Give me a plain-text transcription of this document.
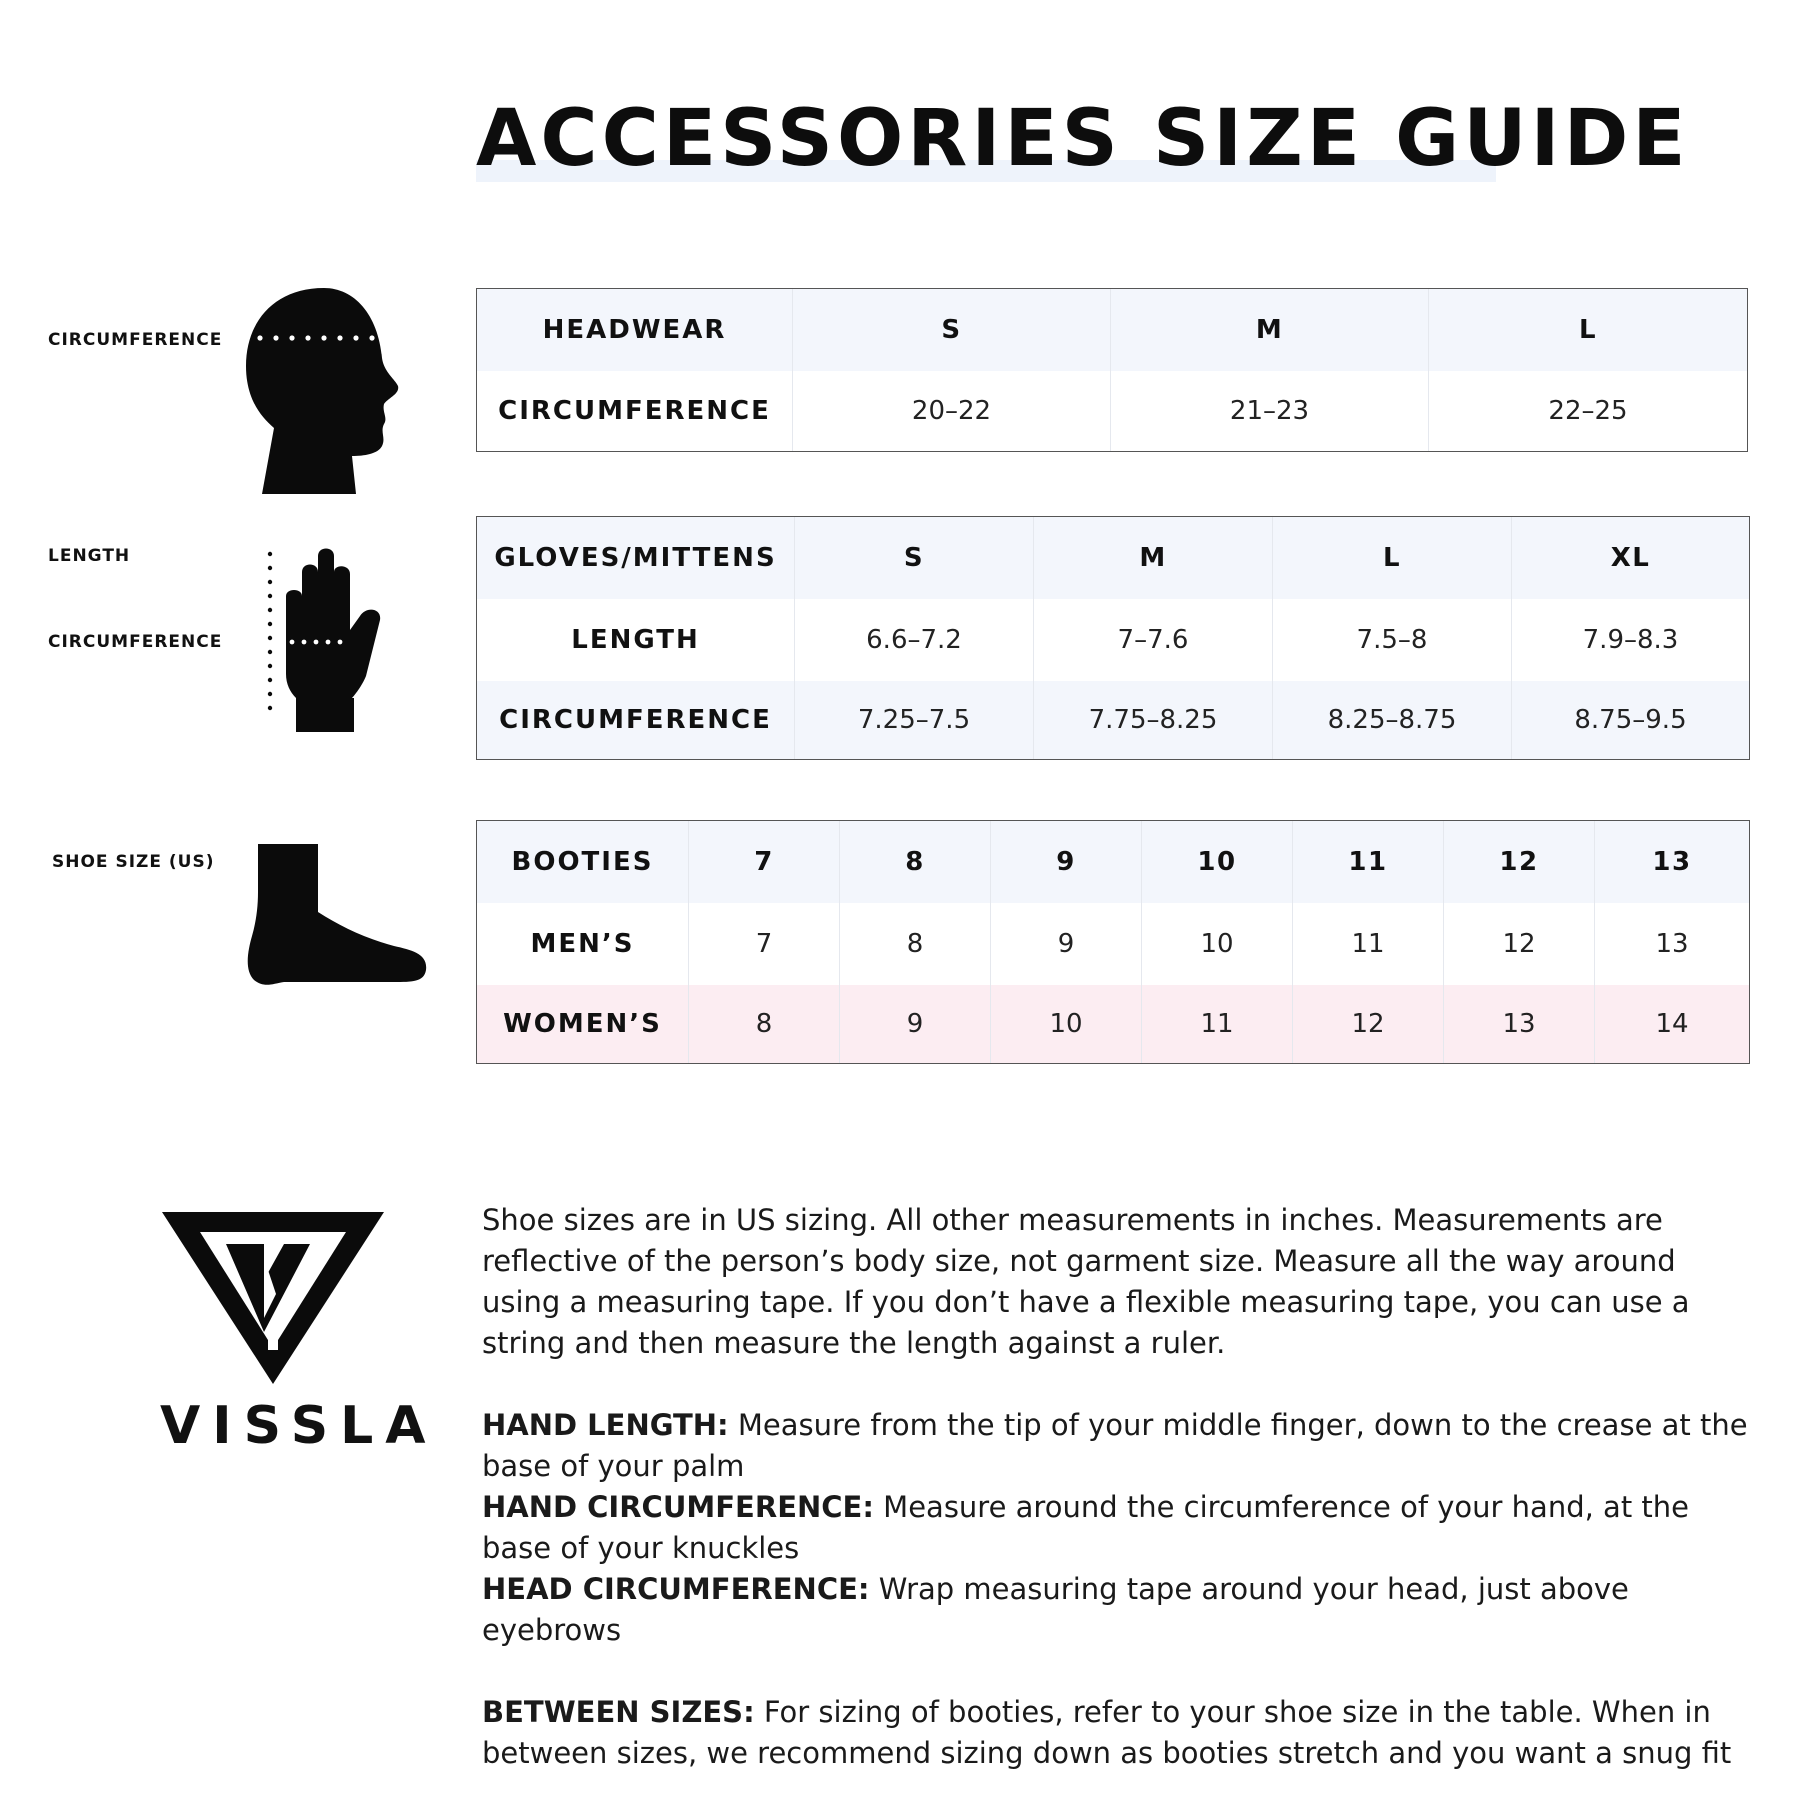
ACCESSORIES SIZE GUIDE
CIRCUMFERENCE	HEADWEAR	S	M	L
CIRCUMFERENCE	20–22	21–23	22–25
LENGTH
CIRCUMFERENCE
GLOVES/MITTENS	S	M	L	XL
LENGTH	6.6–7.2	7–7.6	7.5–8	7.9–8.3
CIRCUMFERENCE	7.25–7.5	7.75–8.25	8.25–8.75	8.75–9.5
SHOE SIZE (US)	BOOTIES	7	8	9	10	11	12	13
MEN’S	7	8	9	10	11	12	13
WOMEN’S	8	9	10	11	12	13	14
VISSLA

Shoe sizes are in US sizing. All other measurements in inches. Measurements are reflective of the person’s body size, not garment size. Measure all the way around using a measuring tape. If you don’t have a flexible measuring tape, you can use a string and then measure the length against a ruler.

HAND LENGTH: Measure from the tip of your middle finger, down to the crease at the base of your palm

HAND CIRCUMFERENCE: Measure around the circumference of your hand, at the base of your knuckles

HEAD CIRCUMFERENCE: Wrap measuring tape around your head, just above eyebrows

BETWEEN SIZES: For sizing of booties, refer to your shoe size in the table. When in between sizes, we recommend sizing down as booties stretch and you want a snug fit
